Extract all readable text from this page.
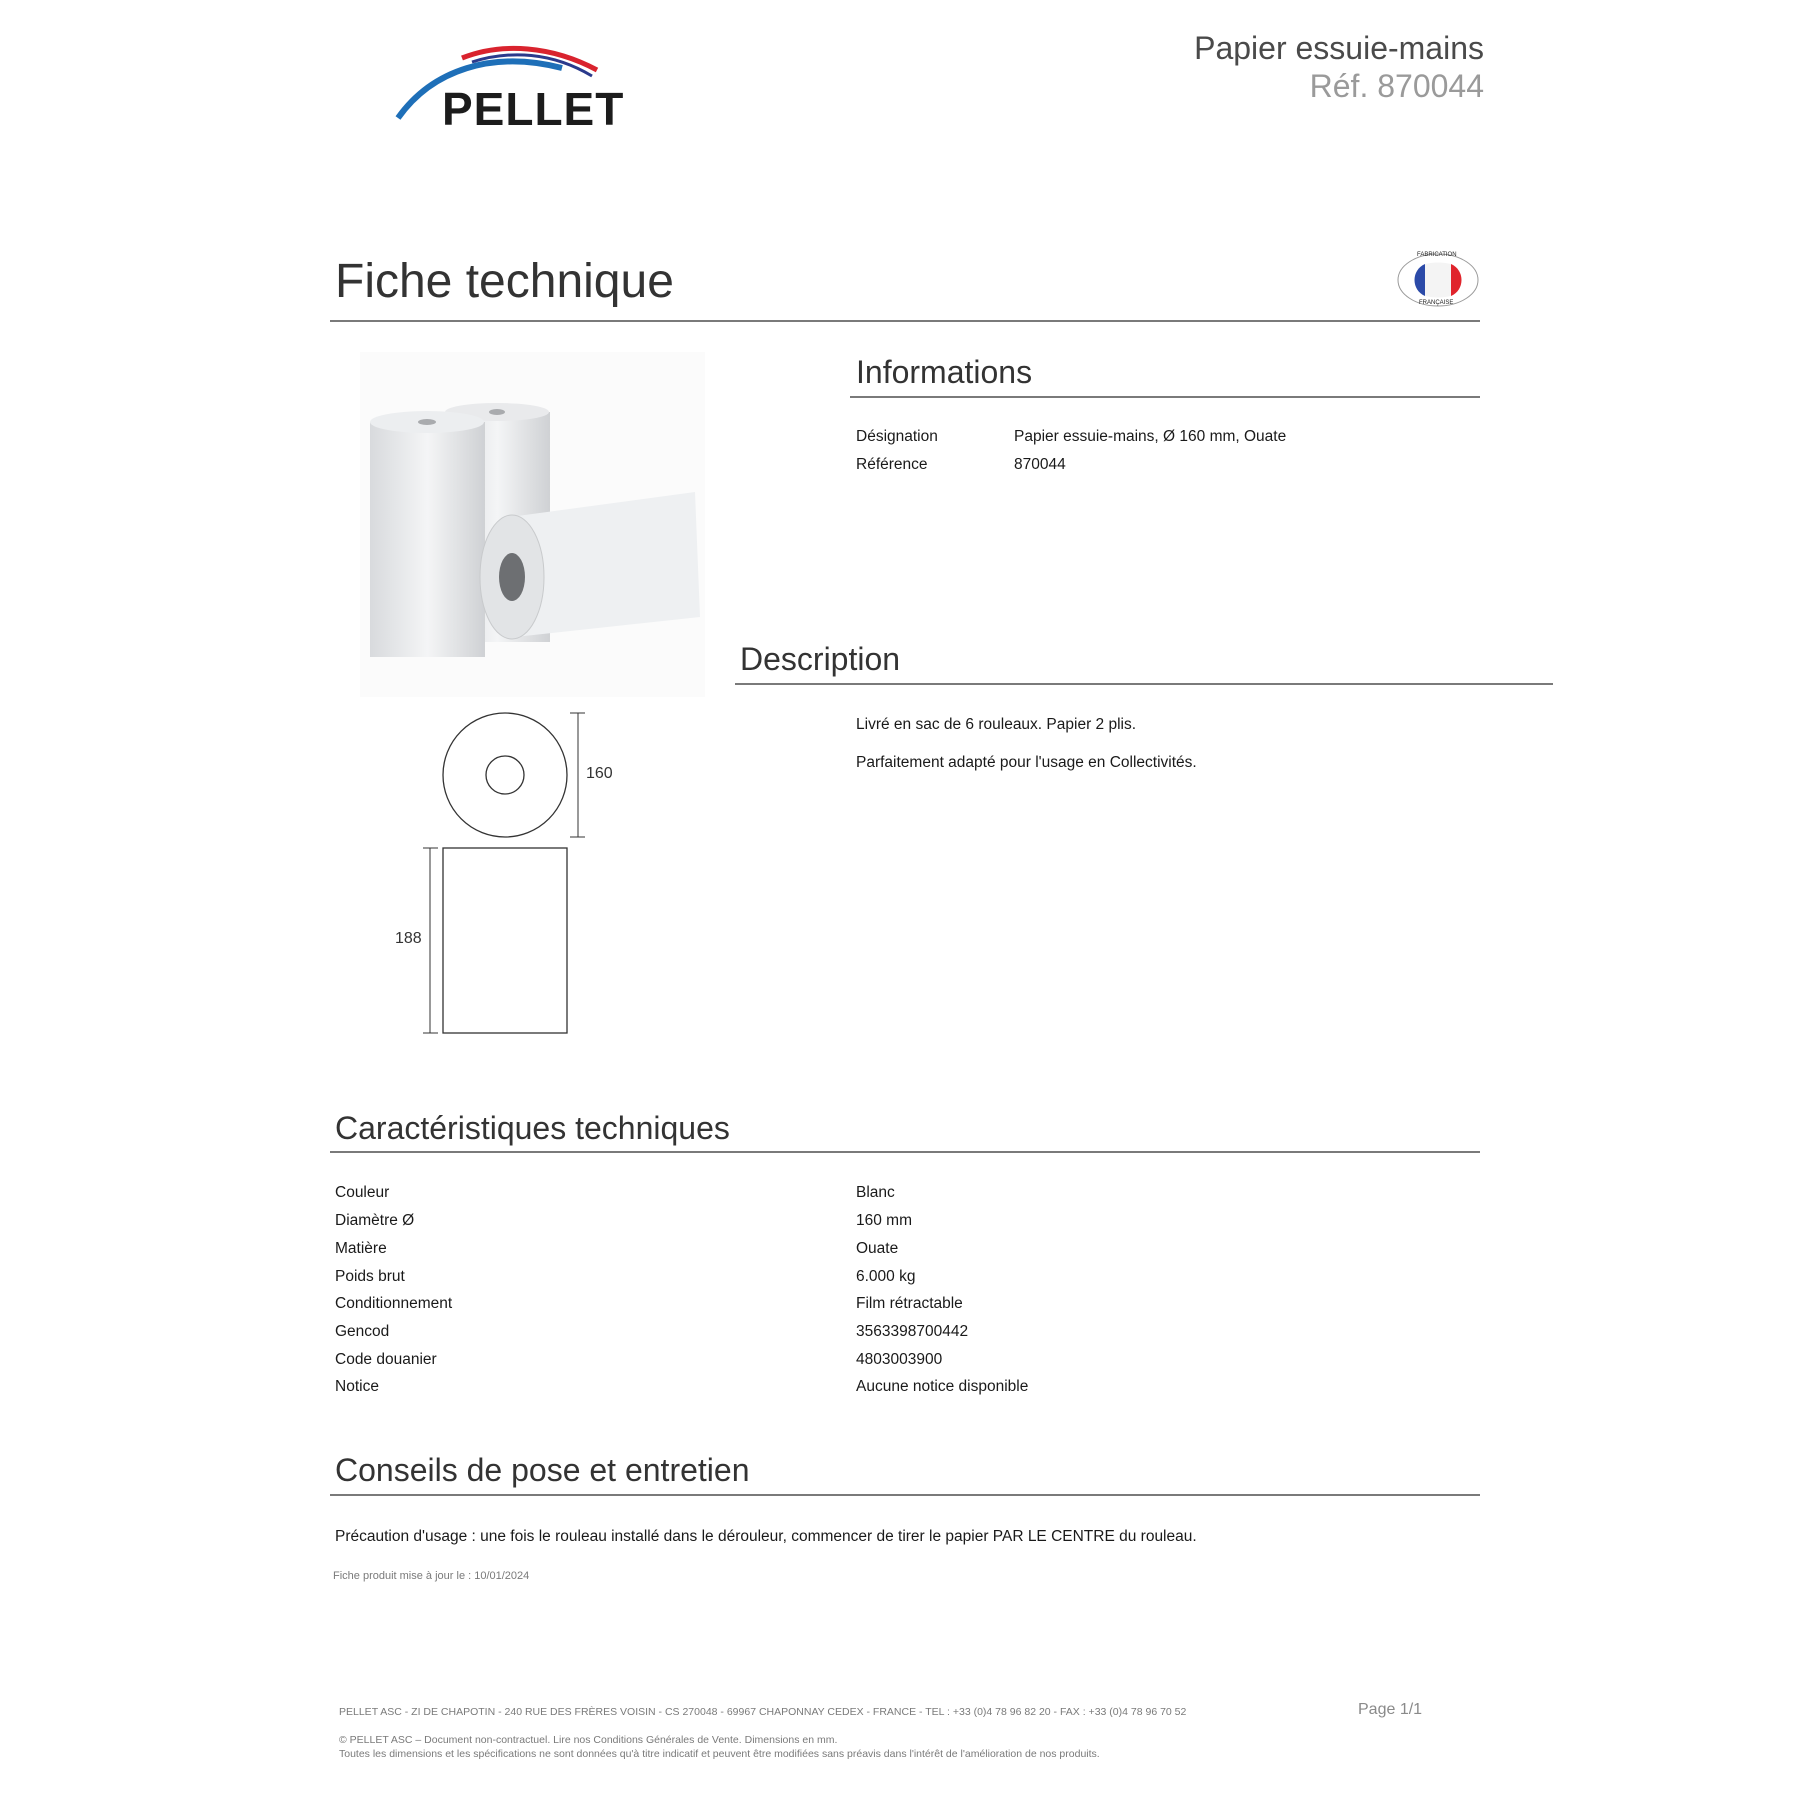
PELLET
Papier essuie-mains
Réf. 870044
Fiche technique	FABRICATION
FRANÇAISE
160
188
Informations
Désignation	Papier essuie-mains, Ø 160 mm, Ouate
Référence	870044
Description
Livré en sac de 6 rouleaux. Papier 2 plis.
Parfaitement adapté pour l'usage en Collectivités.
Caractéristiques techniques
Couleur	Blanc
Diamètre Ø	160 mm
Matière	Ouate
Poids brut	6.000 kg
Conditionnement	Film rétractable
Gencod	3563398700442
Code douanier	4803003900
Notice	Aucune notice disponible
Conseils de pose et entretien
Précaution d'usage : une fois le rouleau installé dans le dérouleur, commencer de tirer le papier PAR LE CENTRE du rouleau.
Fiche produit mise à jour le : 10/01/2024
PELLET ASC - ZI DE CHAPOTIN - 240 RUE DES FRÈRES VOISIN - CS 270048 - 69967 CHAPONNAY CEDEX - FRANCE - TEL : +33 (0)4 78 96 82 20 - FAX : +33 (0)4 78 96 70 52	Page 1/1
© PELLET ASC – Document non-contractuel. Lire nos Conditions Générales de Vente. Dimensions en mm.
Toutes les dimensions et les spécifications ne sont données qu'à titre indicatif et peuvent être modifiées sans préavis dans l'intérêt de l'amélioration de nos produits.
